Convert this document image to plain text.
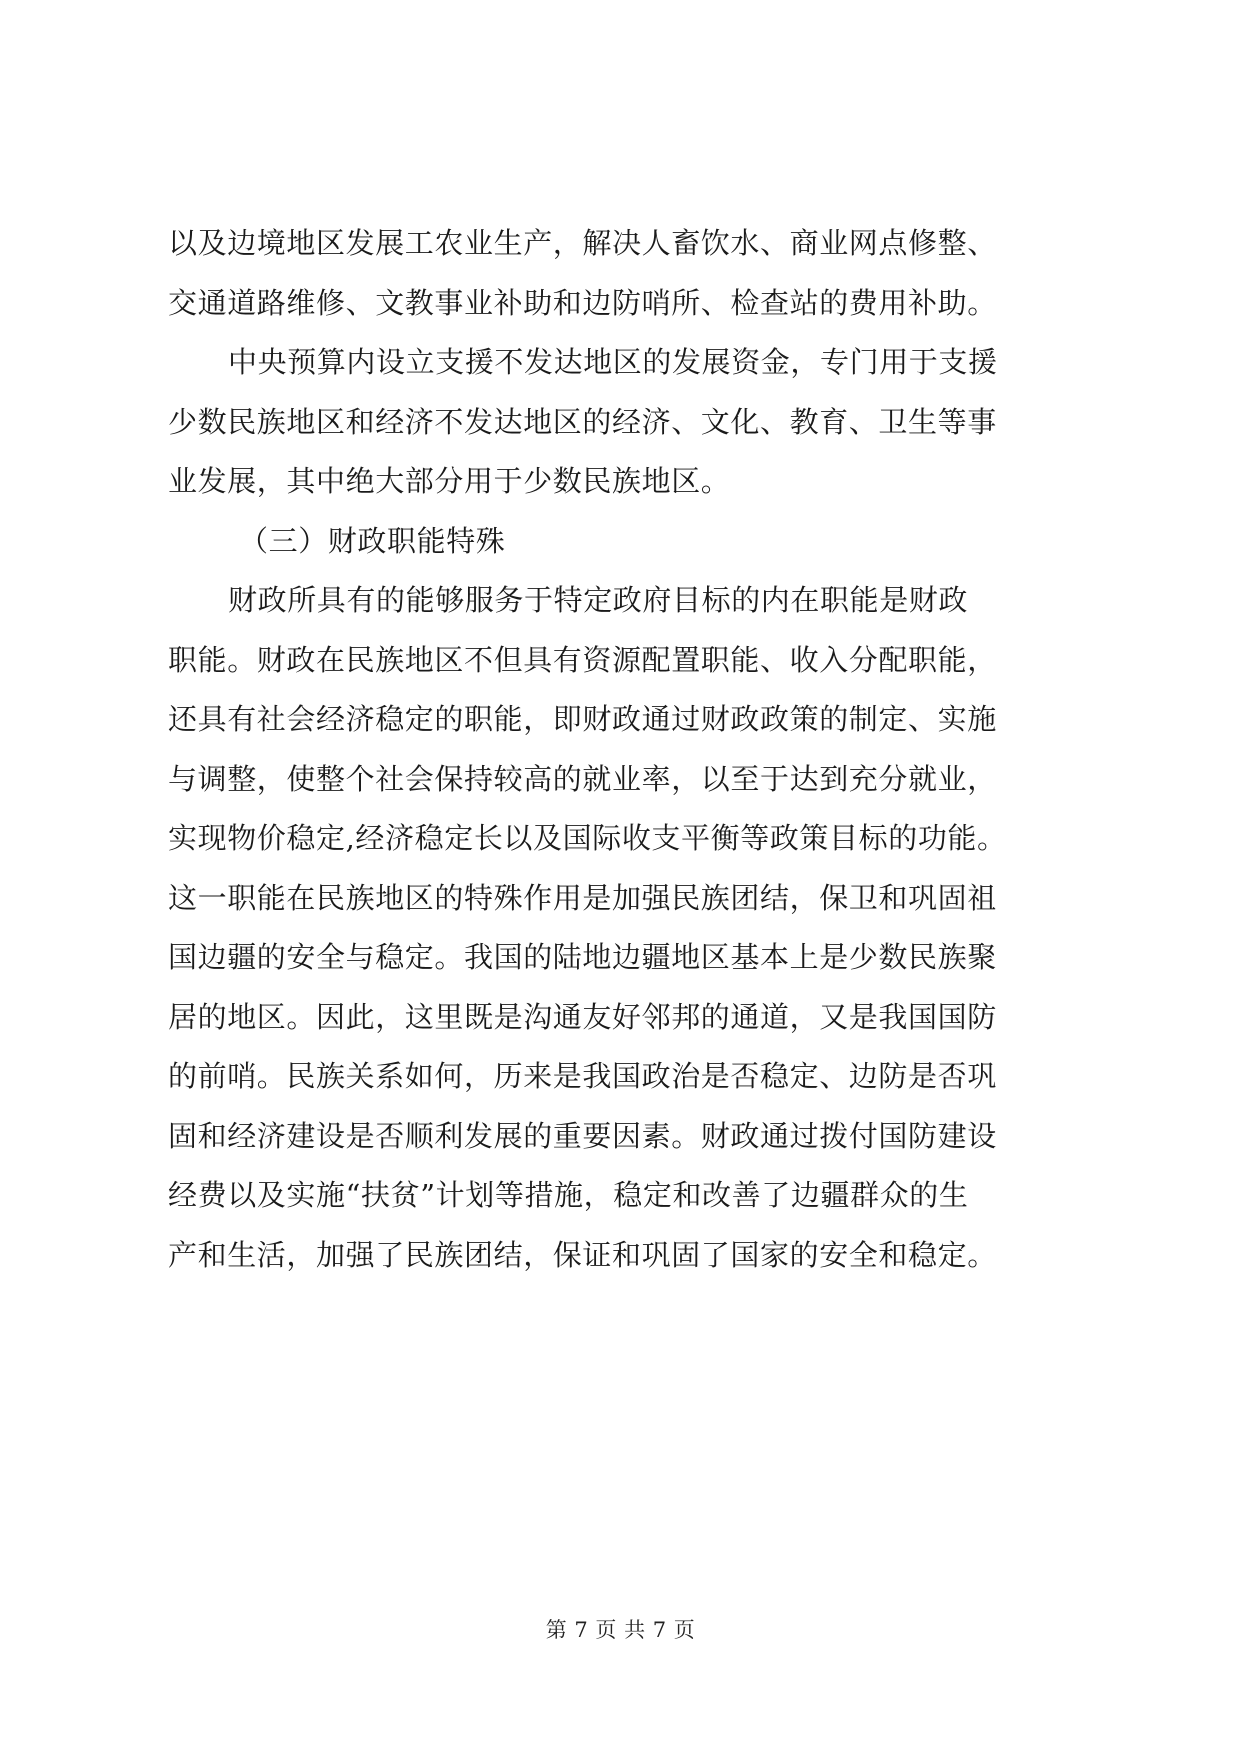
以及边境地区发展工农业生产，解决人畜饮水、商业网点修整、
交通道路维修、文教事业补助和边防哨所、检查站的费用补助。
中央预算内设立支援不发达地区的发展资金，专门用于支援
少数民族地区和经济不发达地区的经济、文化、教育、卫生等事
业发展，其中绝大部分用于少数民族地区。
（三）财政职能特殊
财政所具有的能够服务于特定政府目标的内在职能是财政
职能。财政在民族地区不但具有资源配置职能、收入分配职能，
还具有社会经济稳定的职能，即财政通过财政政策的制定、实施
与调整，使整个社会保持较高的就业率，以至于达到充分就业，
实现物价稳定,经济稳定长以及国际收支平衡等政策目标的功能。
这一职能在民族地区的特殊作用是加强民族团结，保卫和巩固祖
国边疆的安全与稳定。我国的陆地边疆地区基本上是少数民族聚
居的地区。因此，这里既是沟通友好邻邦的通道，又是我国国防
的前哨。民族关系如何，历来是我国政治是否稳定、边防是否巩
固和经济建设是否顺利发展的重要因素。财政通过拨付国防建设
经费以及实施“扶贫”计划等措施，稳定和改善了边疆群众的生
产和生活，加强了民族团结，保证和巩固了国家的安全和稳定。
第 7 页 共 7 页
